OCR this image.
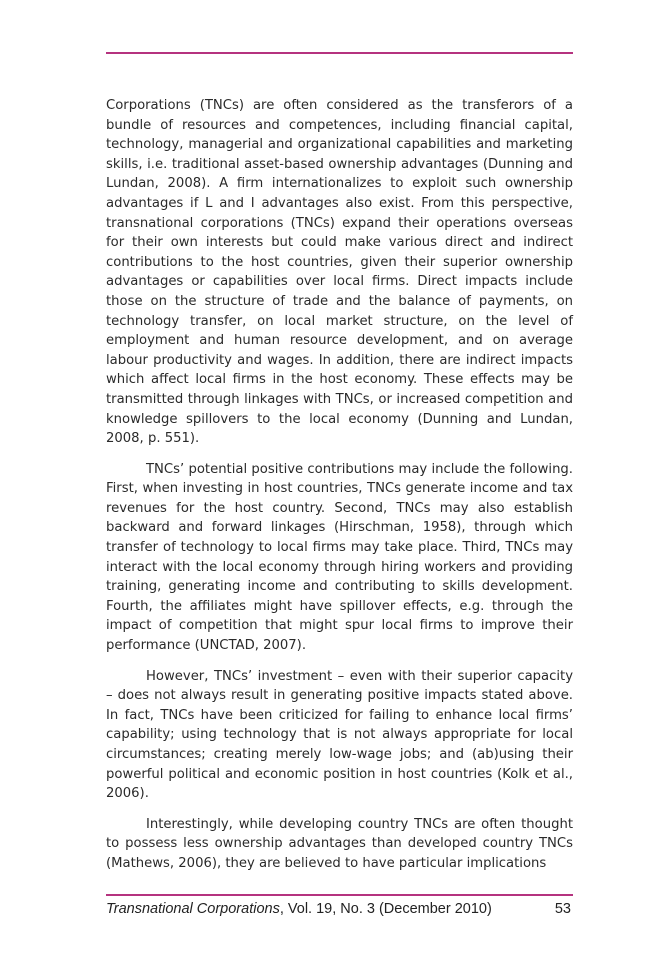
Corporations (TNCs) are often considered as the transferors of a bundle of resources and competences, including financial capital, technology, managerial and organizational capabilities and marketing skills, i.e. traditional asset-based ownership advantages (Dunning and Lundan, 2008). A firm internationalizes to exploit such ownership advantages if L and I advantages also exist. From this perspective, transnational corporations (TNCs) expand their operations overseas for their own interests but could make various direct and indirect contributions to the host countries, given their superior ownership advantages or capabilities over local firms. Direct impacts include those on the structure of trade and the balance of payments, on technology transfer, on local market structure, on the level of employment and human resource development, and on average labour productivity and wages. In addition, there are indirect impacts which affect local firms in the host economy. These effects may be transmitted through linkages with TNCs, or increased competition and knowledge spillovers to the local economy (Dunning and Lundan, 2008, p. 551).

TNCs’ potential positive contributions may include the following. First, when investing in host countries, TNCs generate income and tax revenues for the host country. Second, TNCs may also establish backward and forward linkages (Hirschman, 1958), through which transfer of technology to local firms may take place. Third, TNCs may interact with the local economy through hiring workers and providing training, generating income and contributing to skills development. Fourth, the affiliates might have spillover effects, e.g. through the impact of competition that might spur local firms to improve their performance (UNCTAD, 2007).

However, TNCs’ investment – even with their superior capacity – does not always result in generating positive impacts stated above. In fact, TNCs have been criticized for failing to enhance local firms’ capability; using technology that is not always appropriate for local circumstances; creating merely low-wage jobs; and (ab)using their powerful political and economic position in host countries (Kolk et al., 2006).

Interestingly, while developing country TNCs are often thought to possess less ownership advantages than developed country TNCs (Mathews, 2006), they are believed to have particular implications

Transnational Corporations, Vol. 19, No. 3 (December 2010)	53
